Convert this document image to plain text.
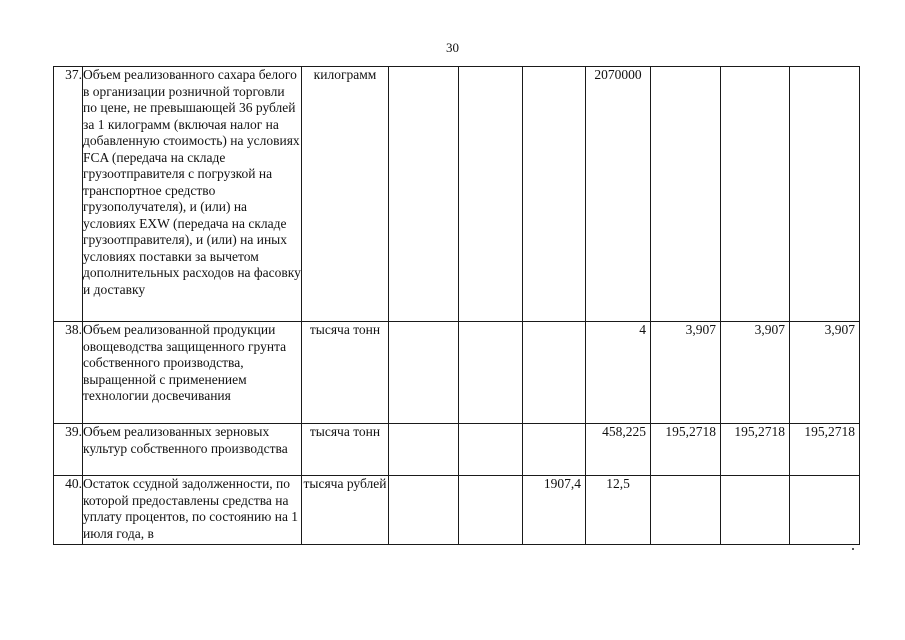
30
37.	Объем реализованного сахара белого в организации розничной торговли по цене, не превышающей 36 рублей за 1 килограмм (включая налог на добавленную стоимость) на условиях FCA (передача на складе грузоотправителя с погрузкой на транспортное средство грузополучателя), и (или) на условиях EXW (передача на складе грузоотправителя), и (или) на иных условиях поставки за вычетом дополнительных расходов на фасовку и доставку	килограмм				2070000			
38.	Объем реализованной продукции овощеводства защищенного грунта собственного производства, выращенной с применением технологии досвечивания	тысяча тонн				4	3,907	3,907	3,907
39.	Объем реализованных зерновых культур собственного производства	тысяча тонн				458,225	195,2718	195,2718	195,2718
40.	Остаток ссудной задолженности, по которой предоставлены средства на уплату процентов, по состоянию на 1 июля года, в	тысяча рублей			1907,4	12,5			
